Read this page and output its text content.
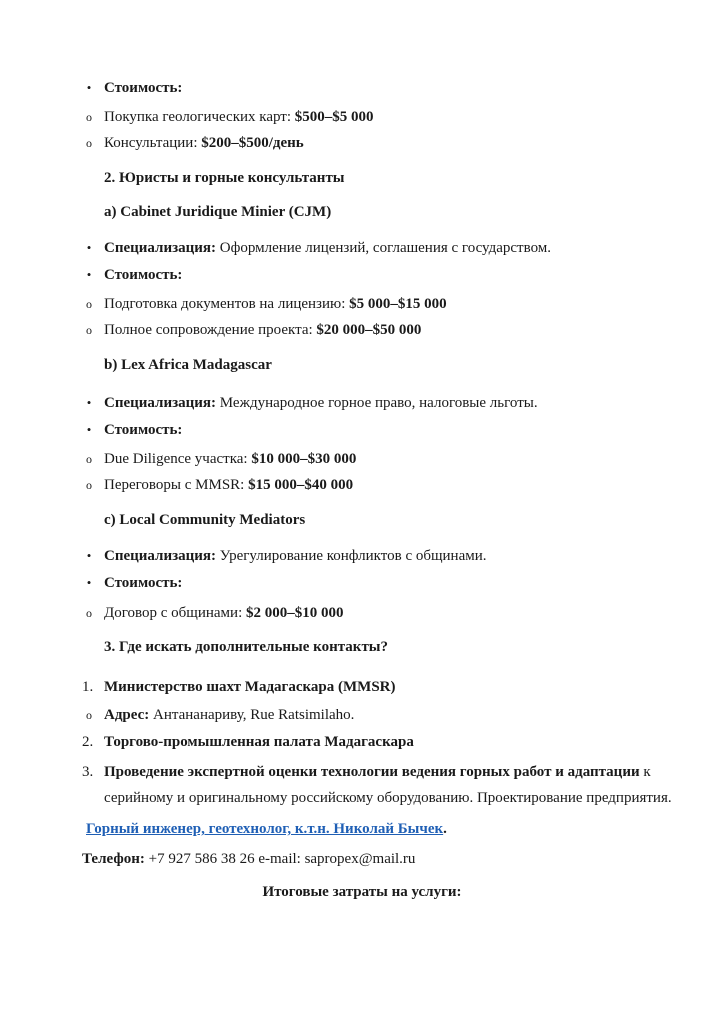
• Стоимость:
o Покупка геологических карт: $500–$5 000
o Консультации: $200–$500/день
2. Юристы и горные консультанты
a) Cabinet Juridique Minier (CJM)
• Специализация: Оформление лицензий, соглашения с государством.
• Стоимость:
o Подготовка документов на лицензию: $5 000–$15 000
o Полное сопровождение проекта: $20 000–$50 000
b) Lex Africa Madagascar
• Специализация: Международное горное право, налоговые льготы.
• Стоимость:
o Due Diligence участка: $10 000–$30 000
o Переговоры с MMSR: $15 000–$40 000
c) Local Community Mediators
• Специализация: Урегулирование конфликтов с общинами.
• Стоимость:
o Договор с общинами: $2 000–$10 000
3. Где искать дополнительные контакты?
1. Министерство шахт Мадагаскара (MMSR)
o Адрес: Антананариву, Rue Ratsimilaho.
2. Торгово-промышленная палата Мадагаскара
3. Проведение экспертной оценки технологии ведения горных работ и адаптации к
серийному и оригинальному российскому оборудованию. Проектирование предприятия.
Горный инженер, геотехнолог, к.т.н. Николай Бычек.
Телефон: +7 927 586 38 26 e-mail: sapropex@mail.ru
Итоговые затраты на услуги:
